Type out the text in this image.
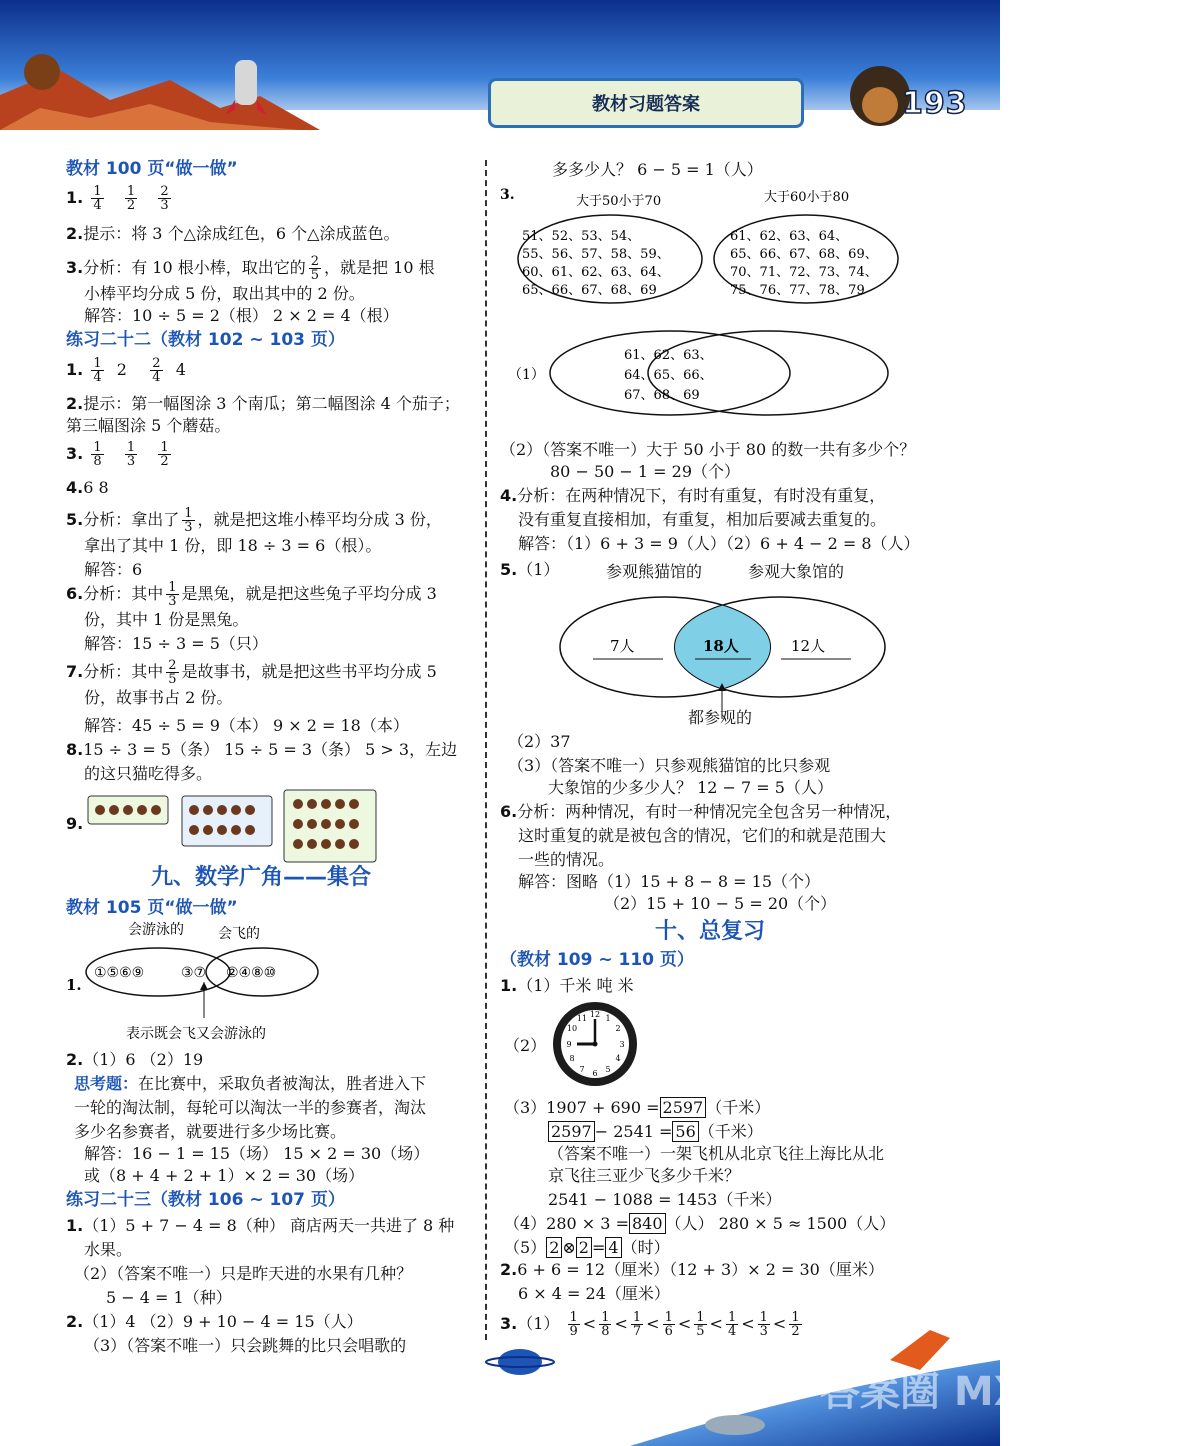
教材习题答案	193
教材 100 页“做一做”
1. $\frac{1}{4}$
$\frac{1}{2}$
$\frac{2}{3}$
2.提示：将 3 个△涂成红色，6 个△涂成蓝色。
3.分析：有 10 根小棒，取出它的 $\frac{2}{5}$ ，就是把 10 根
小棒平均分成 5 份，取出其中的 2 份。
解答：10 ÷ 5 = 2（根） 2 × 2 = 4（根）
练习二十二（教材 102 ~ 103 页）
1. $\frac{1}{4} 2 \frac{2}{4} 4$
2.提示：第一幅图涂 3 个南瓜；第二幅图涂 4 个茄子；
第三幅图涂 5 个蘑菇。
3. $\frac{1}{8}$
$\frac{1}{3}$
$\frac{1}{2}$
4.6 8
5.分析：拿出了 $\frac{1}{3}$ ，就是把这堆小棒平均分成 3 份，
拿出了其中 1 份，即 18 ÷ 3 = 6（根）。
解答：6
6.分析：其中 $\frac{1}{3}$ 是黑兔，就是把这些兔子平均分成 3
份，其中 1 份是黑兔。
解答：15 ÷ 3 = 5（只）
7.分析：其中 $\frac{2}{5}$ 是故事书，就是把这些书平均分成 5
份，故事书占 2 份。
解答：45 ÷ 5 = 9（本） 9 × 2 = 18（本）
8.15 ÷ 3 = 5（条） 15 ÷ 5 = 3（条） 5 > 3，左边
的这只猫吃得多。
9.
九、数学广角——集合
教材 105 页“做一做”
会游泳的 会飞的
1.
①⑤⑥⑨	③⑦ ②④⑧⑩
表示既会飞又会游泳的
2.（1）6 （2）19
思考题：在比赛中，采取负者被淘汰，胜者进入下
一轮的淘汰制，每轮可以淘汰一半的参赛者，淘汰
多少名参赛者，就要进行多少场比赛。
解答：16 − 1 = 15（场） 15 × 2 = 30（场）
或（8 + 4 + 2 + 1）× 2 = 30（场）
练习二十三（教材 106 ~ 107 页）
1.（1）5 + 7 − 4 = 8（种） 商店两天一共进了 8 种
水果。
（2）（答案不唯一）只是昨天进的水果有几种？
5 − 4 = 1（种）
2.（1）4 （2）9 + 10 − 4 = 15（人）
（3）（答案不唯一）只会跳舞的比只会唱歌的
多多少人？ 6 − 5 = 1（人）
3.	大于50小于70	大于60小于80
51、52、53、54、
55、56、57、58、59、
60、61、62、63、64、
65、66、67、68、69
61、62、63、64、
65、66、67、68、69、
70、71、72、73、74、
75、76、77、78、79
（1）
61、62、63、
64、65、66、
67、68、69
（2）（答案不唯一）大于 50 小于 80 的数一共有多少个？
80 − 50 − 1 = 29（个）
4.分析：在两种情况下，有时有重复，有时没有重复，
没有重复直接相加，有重复，相加后要减去重复的。
解答：（1）6 + 3 = 9（人）（2）6 + 4 − 2 = 8（人）
5.（1）	参观熊猫馆的	参观大象馆的
7人	18人	12人
都参观的
（2）37
（3）（答案不唯一）只参观熊猫馆的比只参观
大象馆的少多少人？ 12 − 7 = 5（人）
6.分析：两种情况，有时一种情况完全包含另一种情况，
这时重复的就是被包含的情况，它们的和就是范围大
一些的情况。
解答：图略（1）15 + 8 − 8 = 15（个）
（2）15 + 10 − 5 = 20（个）
十、总复习
（教材 109 ~ 110 页）
1.（1）千米 吨 米
（2）
12 1
2
3
4
5
6
7
8
9
10
11
（3）1907 + 690 = 2597 （千米）
2597 − 2541 = 56 （千米）
（答案不唯一）一架飞机从北京飞往上海比从北
京飞往三亚少飞多少千米？
2541 − 1088 = 1453（千米）
（4）280 × 3 = 840 （人） 280 × 5 ≈ 1500（人）
（5） 2 ⊗ 2 = 4 （时）
2.6 + 6 = 12（厘米）（12 + 3）× 2 = 30（厘米）
6 × 4 = 24（厘米）
$3.(1) \frac{1}{9} < \frac{1}{8} < \frac{1}{7} < \frac{1}{6} < \frac{1}{5} < \frac{1}{4} < \frac{1}{3} < \frac{1}{2}$
答案圈 MXQE.COM
